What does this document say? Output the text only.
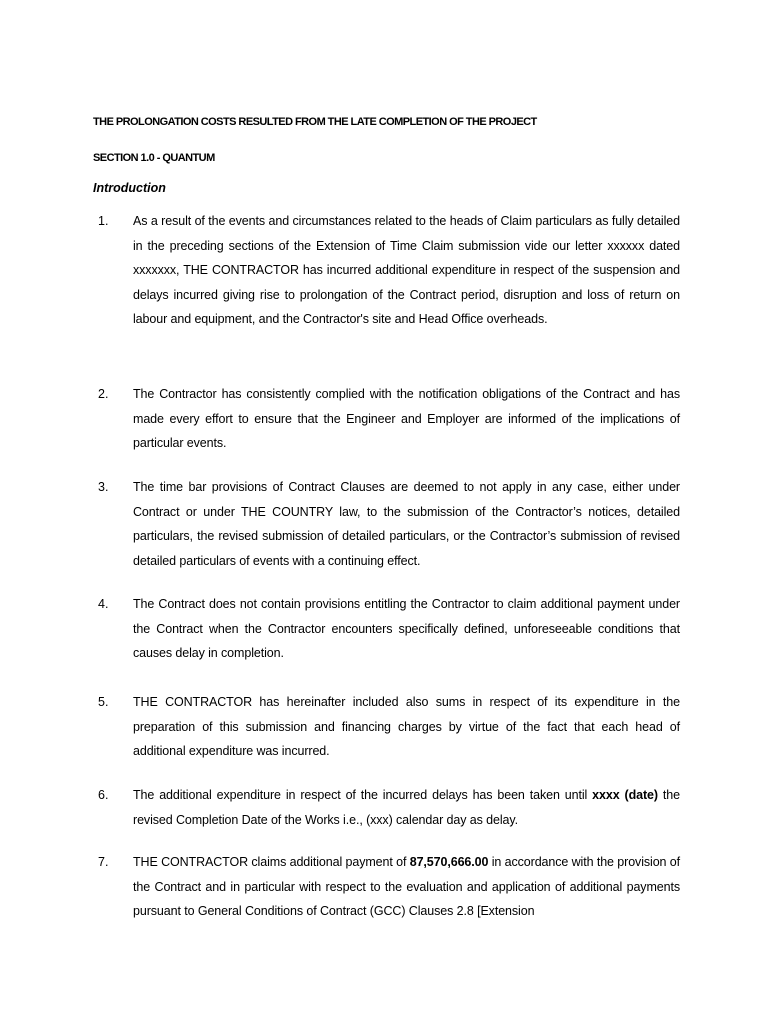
THE PROLONGATION COSTS RESULTED FROM THE LATE COMPLETION OF THE PROJECT
SECTION 1.0 - QUANTUM
Introduction
1. As a result of the events and circumstances related to the heads of Claim particulars as fully detailed in the preceding sections of the Extension of Time Claim submission vide our letter xxxxxx dated xxxxxxx, THE CONTRACTOR has incurred additional expenditure in respect of the suspension and delays incurred giving rise to prolongation of the Contract period, disruption and loss of return on labour and equipment, and the Contractor's site and Head Office overheads.
2. The Contractor has consistently complied with the notification obligations of the Contract and has made every effort to ensure that the Engineer and Employer are informed of the implications of particular events.
3. The time bar provisions of Contract Clauses are deemed to not apply in any case, either under Contract or under THE COUNTRY law, to the submission of the Contractor’s notices, detailed particulars, the revised submission of detailed particulars, or the Contractor’s submission of revised detailed particulars of events with a continuing effect.
4. The Contract does not contain provisions entitling the Contractor to claim additional payment under the Contract when the Contractor encounters specifically defined, unforeseeable conditions that causes delay in completion.
5. THE CONTRACTOR has hereinafter included also sums in respect of its expenditure in the preparation of this submission and financing charges by virtue of the fact that each head of additional expenditure was incurred.
6. The additional expenditure in respect of the incurred delays has been taken until xxxx (date) the revised Completion Date of the Works i.e., (xxx) calendar day as delay.
7. THE CONTRACTOR claims additional payment of 87,570,666.00 in accordance with the provision of the Contract and in particular with respect to the evaluation and application of additional payments pursuant to General Conditions of Contract (GCC) Clauses 2.8 [Extension
